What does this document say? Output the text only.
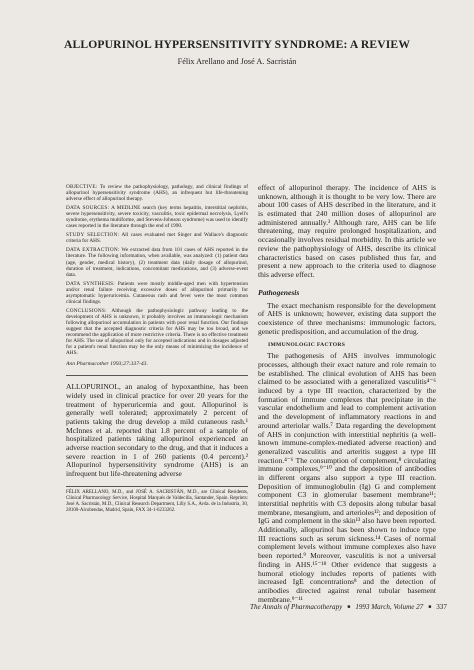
ALLOPURINOL HYPERSENSITIVITY SYNDROME: A REVIEW
Félix Arellano and José A. Sacristán

OBJECTIVE: To review the pathophysiology, pathology, and clinical findings of allopurinol hypersensitivity syndrome (AHS), an infrequent but life-threatening adverse effect of allopurinol therapy.

DATA SOURCES: A MEDLINE search (key terms hepatitis, interstitial nephritis, severe hypersensitivity, severe toxicity, vasculitis, toxic epidermal necrolysis, Lyell's syndrome, erythema multiforme, and Stevens-Johnson syndrome) was used to identify cases reported in the literature through the end of 1990.

STUDY SELECTION: All cases evaluated met Singer and Wallace's diagnostic criteria for AHS.

DATA EXTRACTION: We extracted data from 101 cases of AHS reported in the literature. The following information, when available, was analyzed: (1) patient data (age, gender, medical history), (2) treatment data (daily dosage of allopurinol, duration of treatment, indications, concomitant medications, and (3) adverse-event data.

DATA SYNTHESIS: Patients were mostly middle-aged men with hypertension and/or renal failure receiving excessive doses of allopurinol primarily for asymptomatic hyperuricemia. Cutaneous rash and fever were the most common clinical findings.

CONCLUSIONS: Although the pathophysiologic pathway leading to the development of AHS is unknown, it probably involves an immunologic mechanism following allopurinol accumulation in patients with poor renal function. Our findings suggest that the accepted diagnostic criteria for AHS may be too broad, and we recommend the application of more restrictive criteria. There is no effective treatment for AHS. The use of allopurinol only for accepted indications and in dosages adjusted for a patient's renal function may be the only means of minimizing the incidence of AHS.

Ann Pharmacother 1993;27:337-43.

ALLOPURINOL, an analog of hypoxanthine, has been widely used in clinical practice for over 20 years for the treatment of hyperuricemia and gout. Allopurinol is generally well tolerated; approximately 2 percent of patients taking the drug develop a mild cutaneous rash.¹ McInnes et al. reported that 1.8 percent of a sample of hospitalized patients taking allopurinol experienced an adverse reaction secondary to the drug, and that it induces a severe reaction in 1 of 260 patients (0.4 percent).² Allopurinol hypersensitivity syndrome (AHS) is an infrequent but life-threatening adverse

FÉLIX ARELLANO, M.D., and JOSÉ A. SACRISTÁN, M.D., are Clinical Residents, Clinical Pharmacology Service, Hospital Marqués de Valdecilla, Santander, Spain. Reprints: José A. Sacristán, M.D., Clinical Research Department, Lilly S.A., Avda. de la Industria, 30, 28100-Alcobendas, Madrid, Spain, FAX 34-1-6233262.

effect of allopurinol therapy. The incidence of AHS is unknown, although it is thought to be very low. There are about 100 cases of AHS described in the literature, and it is estimated that 240 million doses of allopurinol are administered annually.³ Although rare, AHS can be life threatening, may require prolonged hospitalization, and occasionally involves residual morbidity. In this article we review the pathophysiology of AHS, describe its clinical characteristics based on cases published thus far, and present a new approach to the criteria used to diagnose this adverse effect.

Pathogenesis

The exact mechanism responsible for the development of AHS is unknown; however, existing data support the coexistence of three mechanisms: immunologic factors, genetic predisposition, and accumulation of the drug.

IMMUNOLOGIC FACTORS

The pathogenesis of AHS involves immunologic processes, although their exact nature and role remain to be established. The clinical evolution of AHS has been claimed to be associated with a generalized vasculitis⁴⁻⁶ induced by a type III reaction, characterized by the formation of immune complexes that precipitate in the vascular endothelium and lead to complement activation and the development of inflammatory reactions in and around arteriolar walls.⁷ Data regarding the development of AHS in conjunction with interstitial nephritis (a well-known immune-complex-mediated adverse reaction) and generalized vasculitis and arteritis suggest a type III reaction.⁴⁻⁶ The consumption of complement,⁸ circulating immune complexes,⁹⁻¹⁰ and the deposition of antibodies in different organs also support a type III reaction. Deposition of immunoglobulin (Ig) G and complement component C3 in glomerular basement membrane¹¹; interstitial nephritis with C3 deposits along tubular basal membrane, mesangium, and arterioles¹²; and deposition of IgG and complement in the skin¹³ also have been reported. Additionally, allopurinol has been shown to induce type III reactions such as serum sickness.¹⁴ Cases of normal complement levels without immune complexes also have been reported.⁹ Moreover, vasculitis is not a universal finding in AHS.¹⁵⁻¹⁸ Other evidence that suggests a humoral etiology includes reports of patients with increased IgE concentrations⁸ and the detection of antibodies directed against renal tubular basement membrane.⁹⁻¹¹

The Annals of Pharmacotherapy ■ 1993 March, Volume 27 ■ 337
